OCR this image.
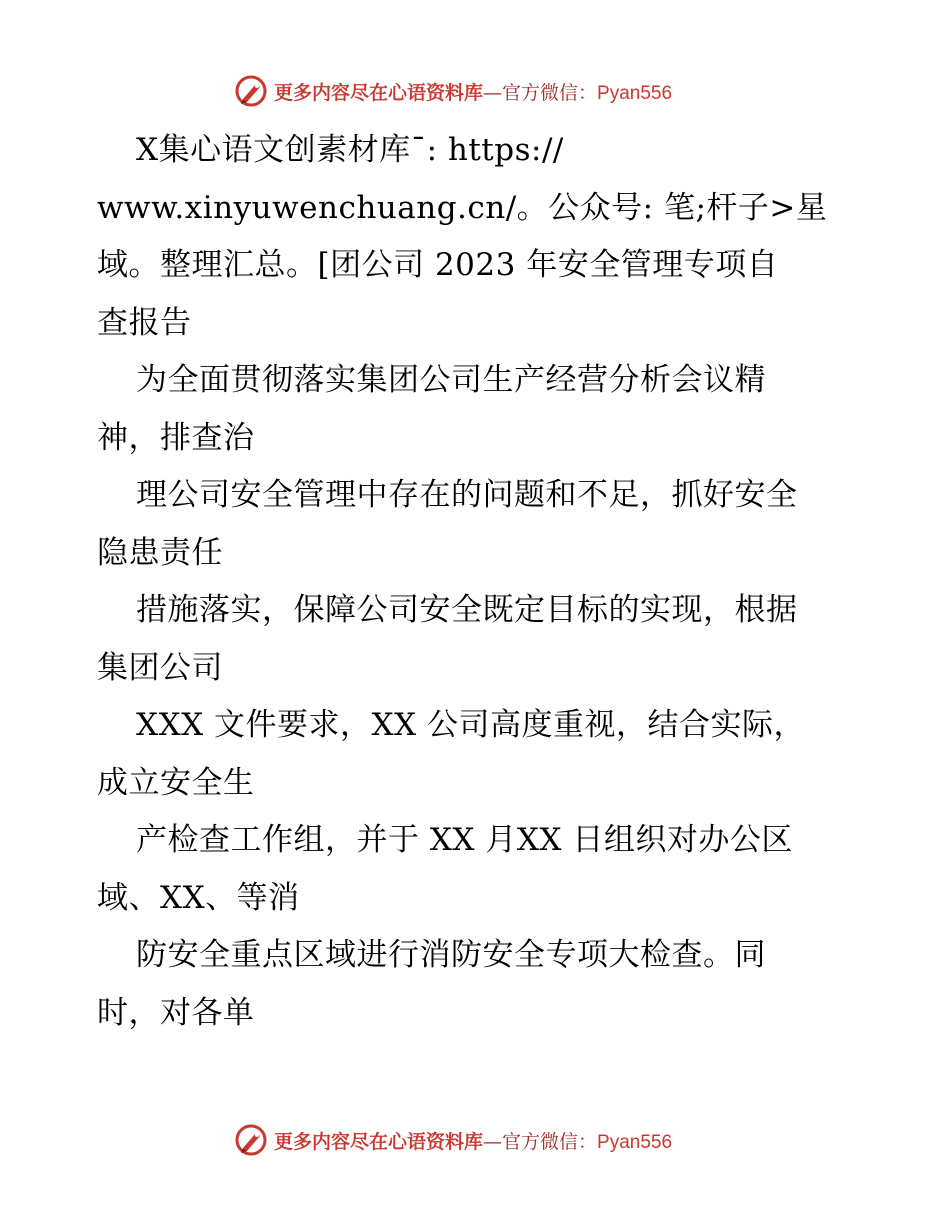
更多内容尽在心语资料库—官方微信：Pyan556
X集心语文创素材库¯: https://
www.xinyuwenchuang.cn/。公众号: 笔;杆子>星
域。整理汇总。[团公司 2023 年安全管理专项自
查报告
为全面贯彻落实集团公司生产经营分析会议精
神，排查治
理公司安全管理中存在的问题和不足，抓好安全
隐患责任
措施落实，保障公司安全既定目标的实现，根据
集团公司
XXX 文件要求，XX 公司高度重视，结合实际，
成立安全生
产检查工作组，并于 XX 月XX 日组织对办公区
域、XX、等消
防安全重点区域进行消防安全专项大检查。同
时，对各单
更多内容尽在心语资料库—官方微信：Pyan556
